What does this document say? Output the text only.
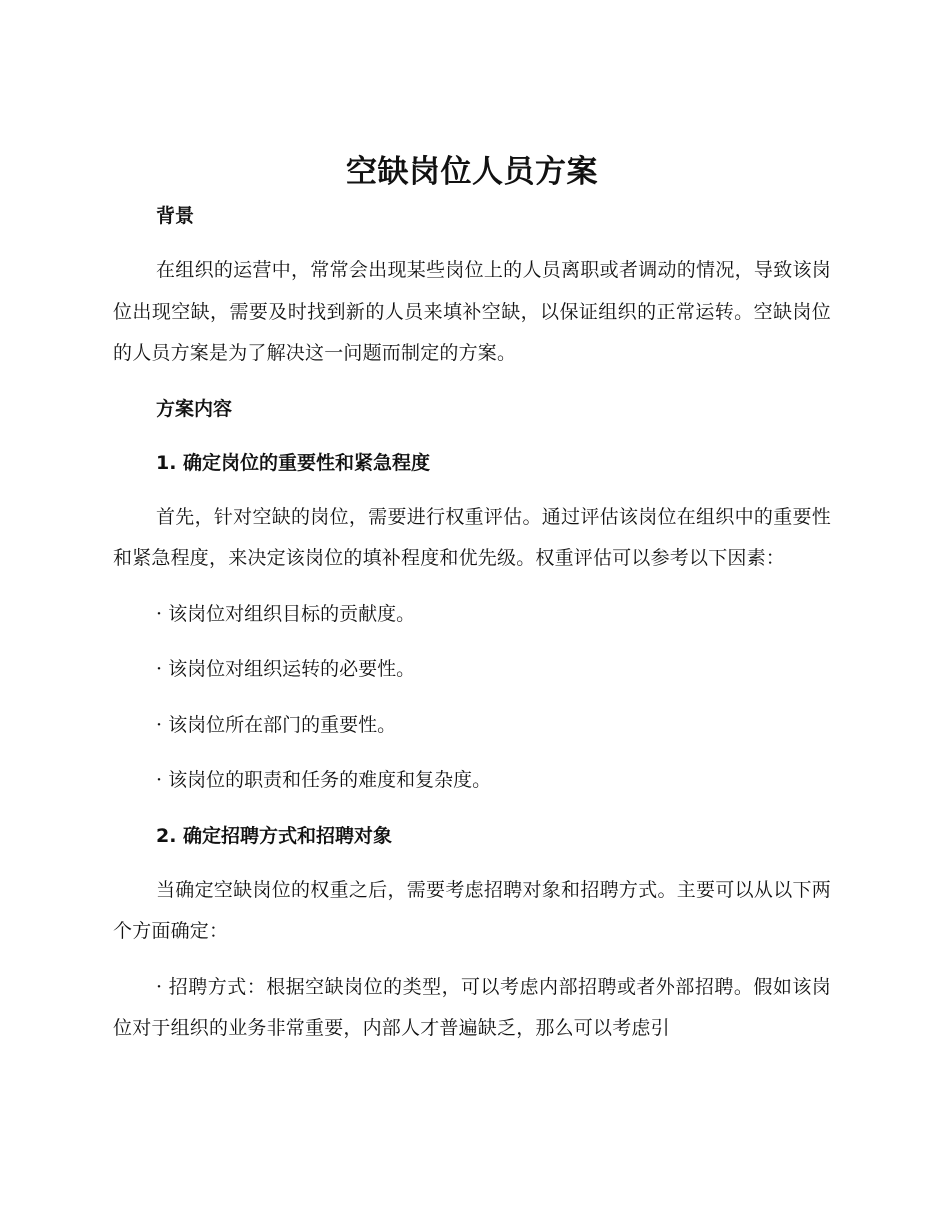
空缺岗位人员方案
背景

在组织的运营中，常常会出现某些岗位上的人员离职或者调动的情况，导致该岗位出现空缺，需要及时找到新的人员来填补空缺，以保证组织的正常运转。空缺岗位的人员方案是为了解决这一问题而制定的方案。

方案内容
1. 确定岗位的重要性和紧急程度

首先，针对空缺的岗位，需要进行权重评估。通过评估该岗位在组织中的重要性和紧急程度，来决定该岗位的填补程度和优先级。权重评估可以参考以下因素：

· 该岗位对组织目标的贡献度。

· 该岗位对组织运转的必要性。

· 该岗位所在部门的重要性。

· 该岗位的职责和任务的难度和复杂度。

2. 确定招聘方式和招聘对象

当确定空缺岗位的权重之后，需要考虑招聘对象和招聘方式。主要可以从以下两个方面确定：

· 招聘方式：根据空缺岗位的类型，可以考虑内部招聘或者外部招聘。假如该岗位对于组织的业务非常重要，内部人才普遍缺乏，那么可以考虑引
